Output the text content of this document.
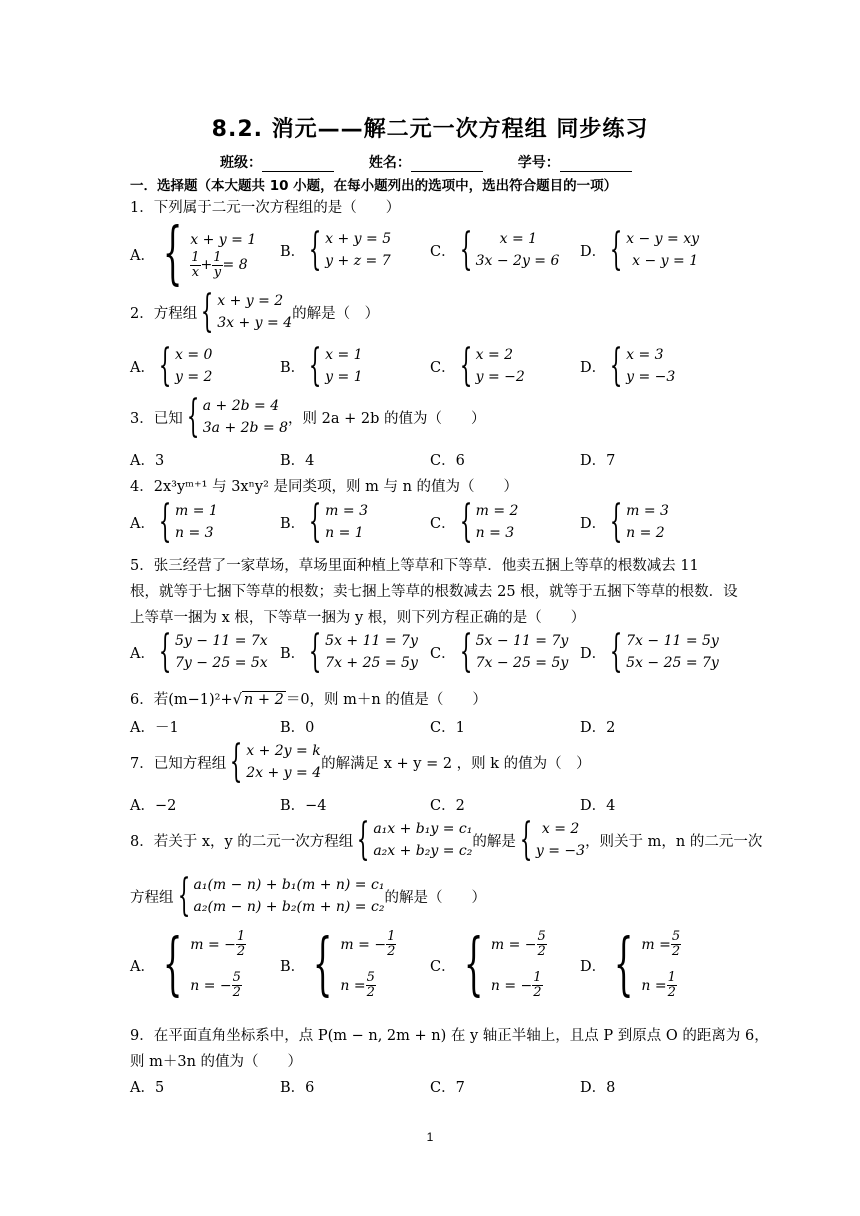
8.2. 消元——解二元一次方程组 同步练习
班级：	姓名：	学号：
一．选择题（本大题共 10 小题，在每小题列出的选项中，选出符合题目的一项）
1．下列属于二元一次方程组的是（　　）
A． { x + y = 1
$\frac{1}{x} + \frac{1}{y} = 8$
B． { x + y = 5
y + z = 7
C． {	x = 1
3x − 2y = 6
D． { x − y = xy
x − y = 1
2．方程组 { x + y = 2
3x + y = 4
的解是（　）
A． { x = 0
y = 2
B． { x = 1
y = 1
C． { x = 2
y = −2
D． { x = 3
y = −3
3．已知 { a + 2b = 4
3a + 2b = 8
，则 2a + 2b 的值为（　　）
A．3	B．4	C．6	D．7
4．2x³yᵐ⁺¹ 与 3xⁿy² 是同类项，则 m 与 n 的值为（　　）
A． { m = 1
n = 3
B． { m = 3
n = 1
C． { m = 2
n = 3
D． { m = 3
n = 2
5．张三经营了一家草场，草场里面种植上等草和下等草．他卖五捆上等草的根数减去 11
根，就等于七捆下等草的根数；卖七捆上等草的根数减去 25 根，就等于五捆下等草的根数．设
上等草一捆为 x 根，下等草一捆为 y 根，则下列方程正确的是（　　）
A． { 5y − 11 = 7x
7y − 25 = 5x
B． { 5x + 11 = 7y
7x + 25 = 5y
C． { 5x − 11 = 7y
7x − 25 = 5y
D． { 7x − 11 = 5y
5x − 25 = 7y
6．若(m−1)²+√ n + 2 ＝0，则 m＋n 的值是（　　）
A．－1	B．0	C．1	D．2
7．已知方程组 { x + 2y = k
2x + y = 4
的解满足 x + y = 2 ，则 k 的值为（　）
A．−2	B．−4	C．2	D．4
8．若关于 x，y 的二元一次方程组 { a₁x + b₁y = c₁
a₂x + b₂y = c₂
的解是 { x = 2
y = −3
，则关于 m，n 的二元一次
方程组 { a₁(m − n) + b₁(m + n) = c₁
a₂(m − n) + b₂(m + n) = c₂
的解是（　　）
A． { m = − $\frac{1}{2}$
n = − $\frac{5}{2}$
B． { m = − $\frac{1}{2}$
$n = \frac{5}{2}$
C． { m = − $\frac{5}{2}$
n = − $\frac{1}{2}$
D． { $m = \frac{5}{2}$
$n = \frac{1}{2}$
9．在平面直角坐标系中，点 P(m − n, 2m + n) 在 y 轴正半轴上，且点 P 到原点 O 的距离为 6，
则 m＋3n 的值为（　　）
A．5	B．6	C．7	D．8
1
